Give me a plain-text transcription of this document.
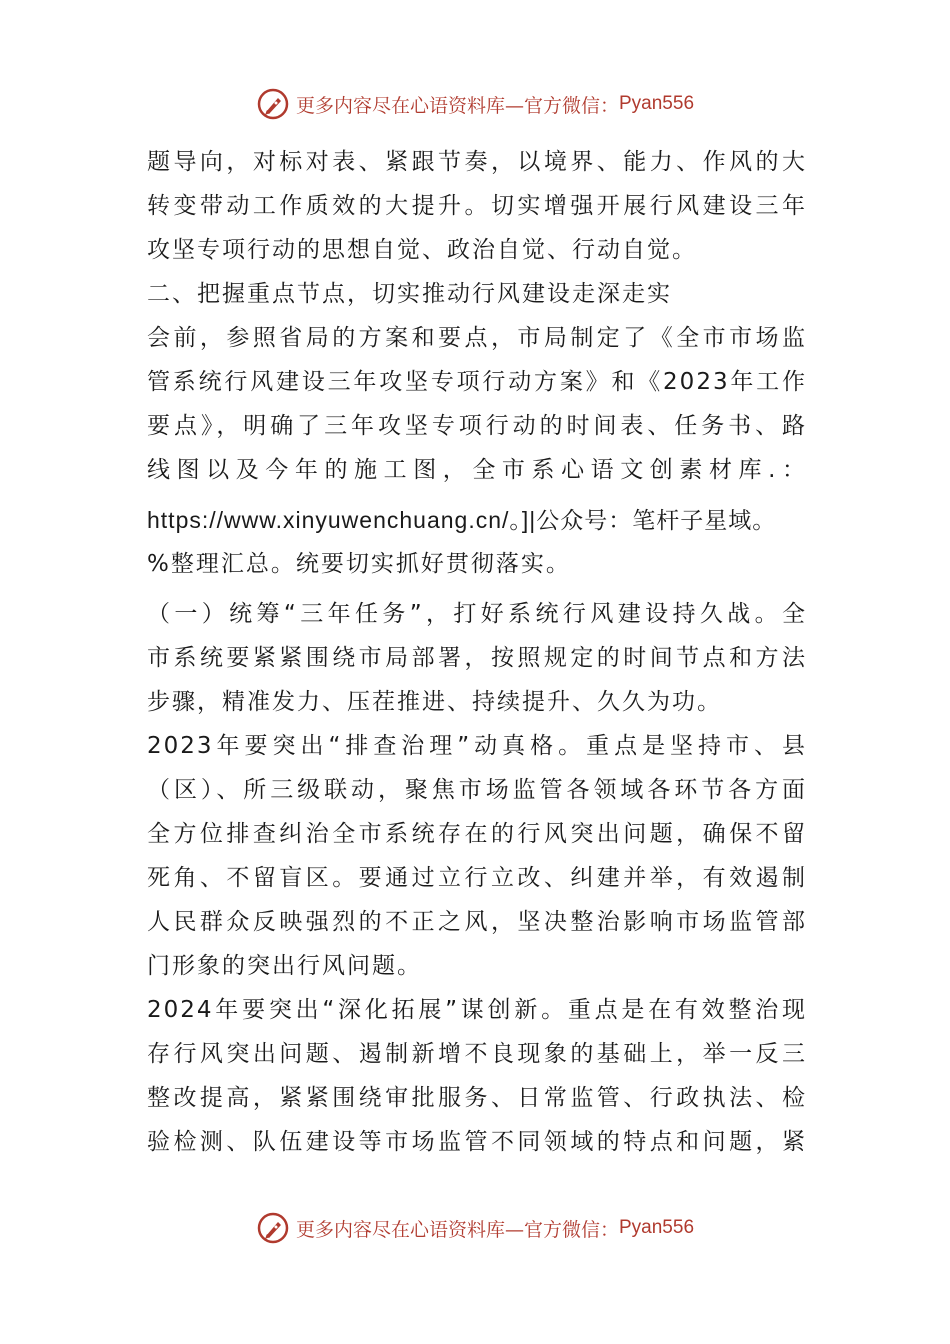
更多内容尽在心语资料库—官方微信： Pyan556
题导向，对标对表、紧跟节奏，以境界、能力、作风的大
转变带动工作质效的大提升。切实增强开展行风建设三年
攻坚专项行动的思想自觉、政治自觉、行动自觉。
二、把握重点节点，切实推动行风建设走深走实
会前，参照省局的方案和要点，市局制定了《全市市场监
管系统行风建设三年攻坚专项行动方案》和《2023年工作
要点》，明确了三年攻坚专项行动的时间表、任务书、路
线图以及今年的施工图，全市系心语文创素材库.：
https://www.xinyuwenchuang.cn/。]|公众号：笔杆子星域。
%整理汇总。统要切实抓好贯彻落实。
（一）统筹“三年任务”，打好系统行风建设持久战。全
市系统要紧紧围绕市局部署，按照规定的时间节点和方法
步骤，精准发力、压茬推进、持续提升、久久为功。
2023年要突出“排查治理”动真格。重点是坚持市、县
（区）、所三级联动，聚焦市场监管各领域各环节各方面
全方位排查纠治全市系统存在的行风突出问题，确保不留
死角、不留盲区。要通过立行立改、纠建并举，有效遏制
人民群众反映强烈的不正之风，坚决整治影响市场监管部
门形象的突出行风问题。
2024年要突出“深化拓展”谋创新。重点是在有效整治现
存行风突出问题、遏制新增不良现象的基础上，举一反三
整改提高，紧紧围绕审批服务、日常监管、行政执法、检
验检测、队伍建设等市场监管不同领域的特点和问题，紧
更多内容尽在心语资料库—官方微信： Pyan556
